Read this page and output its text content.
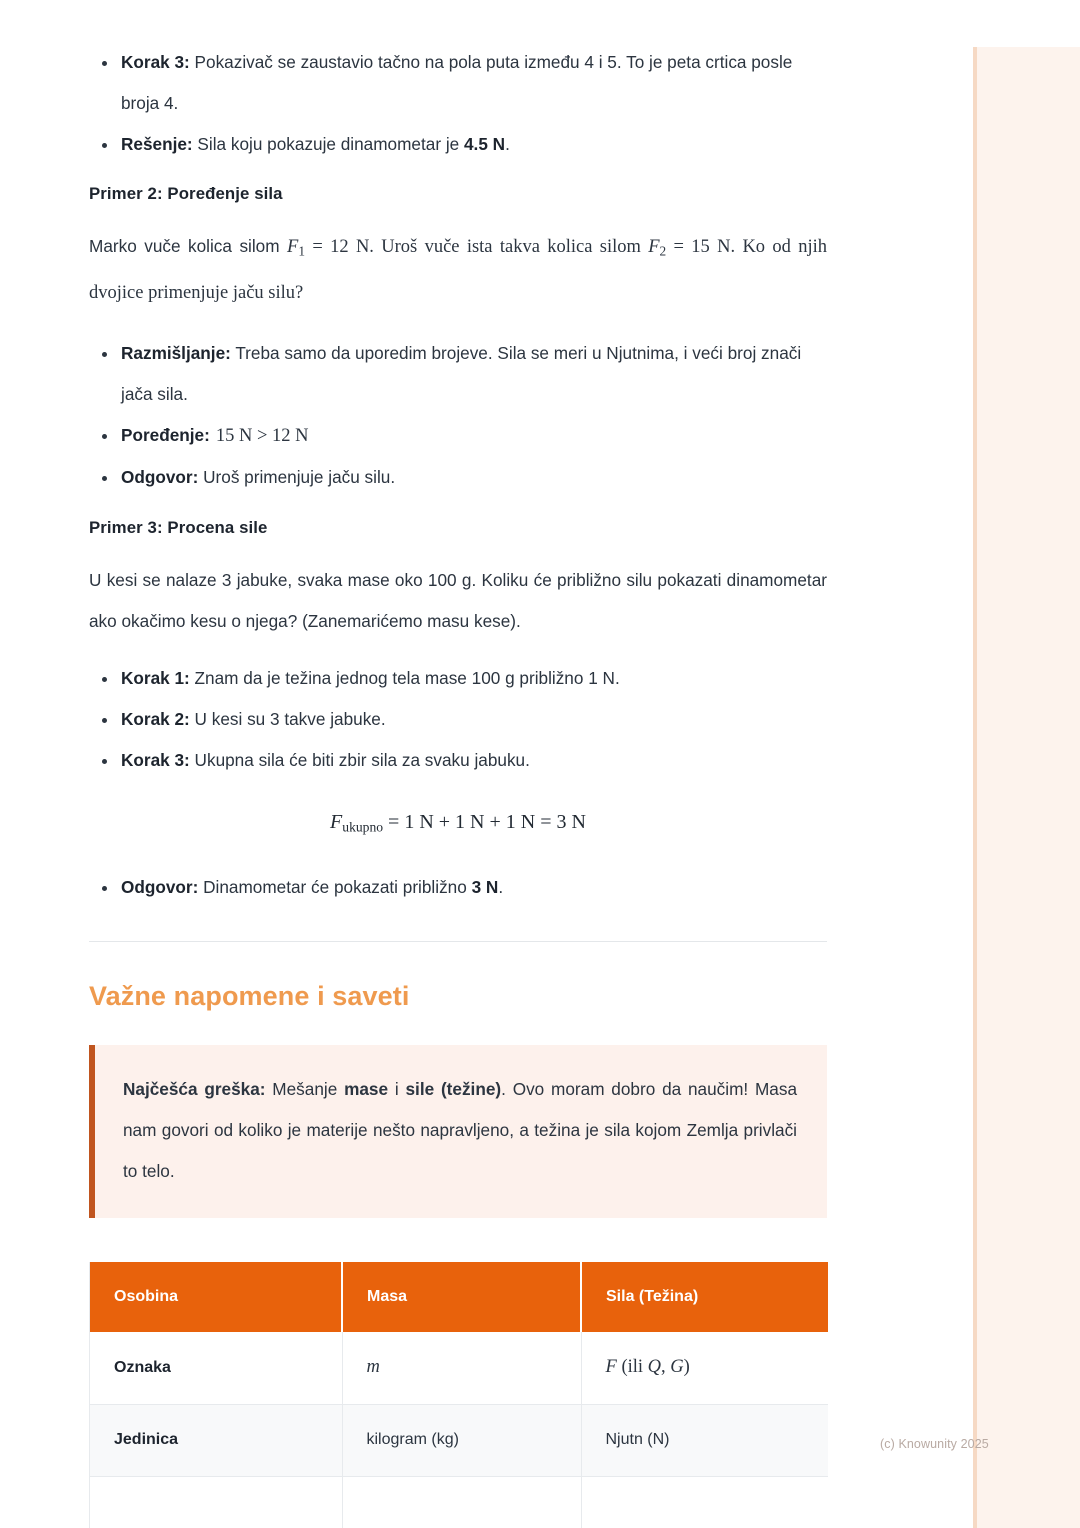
(c) Knowunity 2025
Korak 3: Pokazivač se zaustavio tačno na pola puta između 4 i 5. To je peta crtica posle broja 4.
Rešenje: Sila koju pokazuje dinamometar je 4.5 N.
Primer 2: Poređenje sila

Marko vuče kolica silom $F_1 = 12$ N. Uroš vuče ista takva kolica silom $F_2 = 15$ N. Ko od njih dvojice primenjuje jaču silu?

Razmišljanje: Treba samo da uporedim brojeve. Sila se meri u Njutnima, i veći broj znači jača sila.
Poređenje: 15 N > 12 N
Odgovor: Uroš primenjuje jaču silu.
Primer 3: Procena sile

U kesi se nalaze 3 jabuke, svaka mase oko 100 g. Koliku će približno silu pokazati dinamometar ako okačimo kesu o njega? (Zanemarićemo masu kese).

Korak 1: Znam da je težina jednog tela mase 100 g približno 1 N.
Korak 2: U kesi su 3 takve jabuke.
Korak 3: Ukupna sila će biti zbir sila za svaku jabuku.
Fukupno = 1 N + 1 N + 1 N = 3 N
Odgovor: Dinamometar će pokazati približno 3 N.
Važne napomene i saveti

Najčešća greška: Mešanje mase i sile (težine). Ovo moram dobro da naučim! Masa nam govori od koliko je materije nešto napravljeno, a težina je sila kojom Zemlja privlači to telo.

Osobina	Masa	Sila (Težina)
Oznaka	m	F (ili Q, G)
Jedinica	kilogram (kg)	Njutn (N)
